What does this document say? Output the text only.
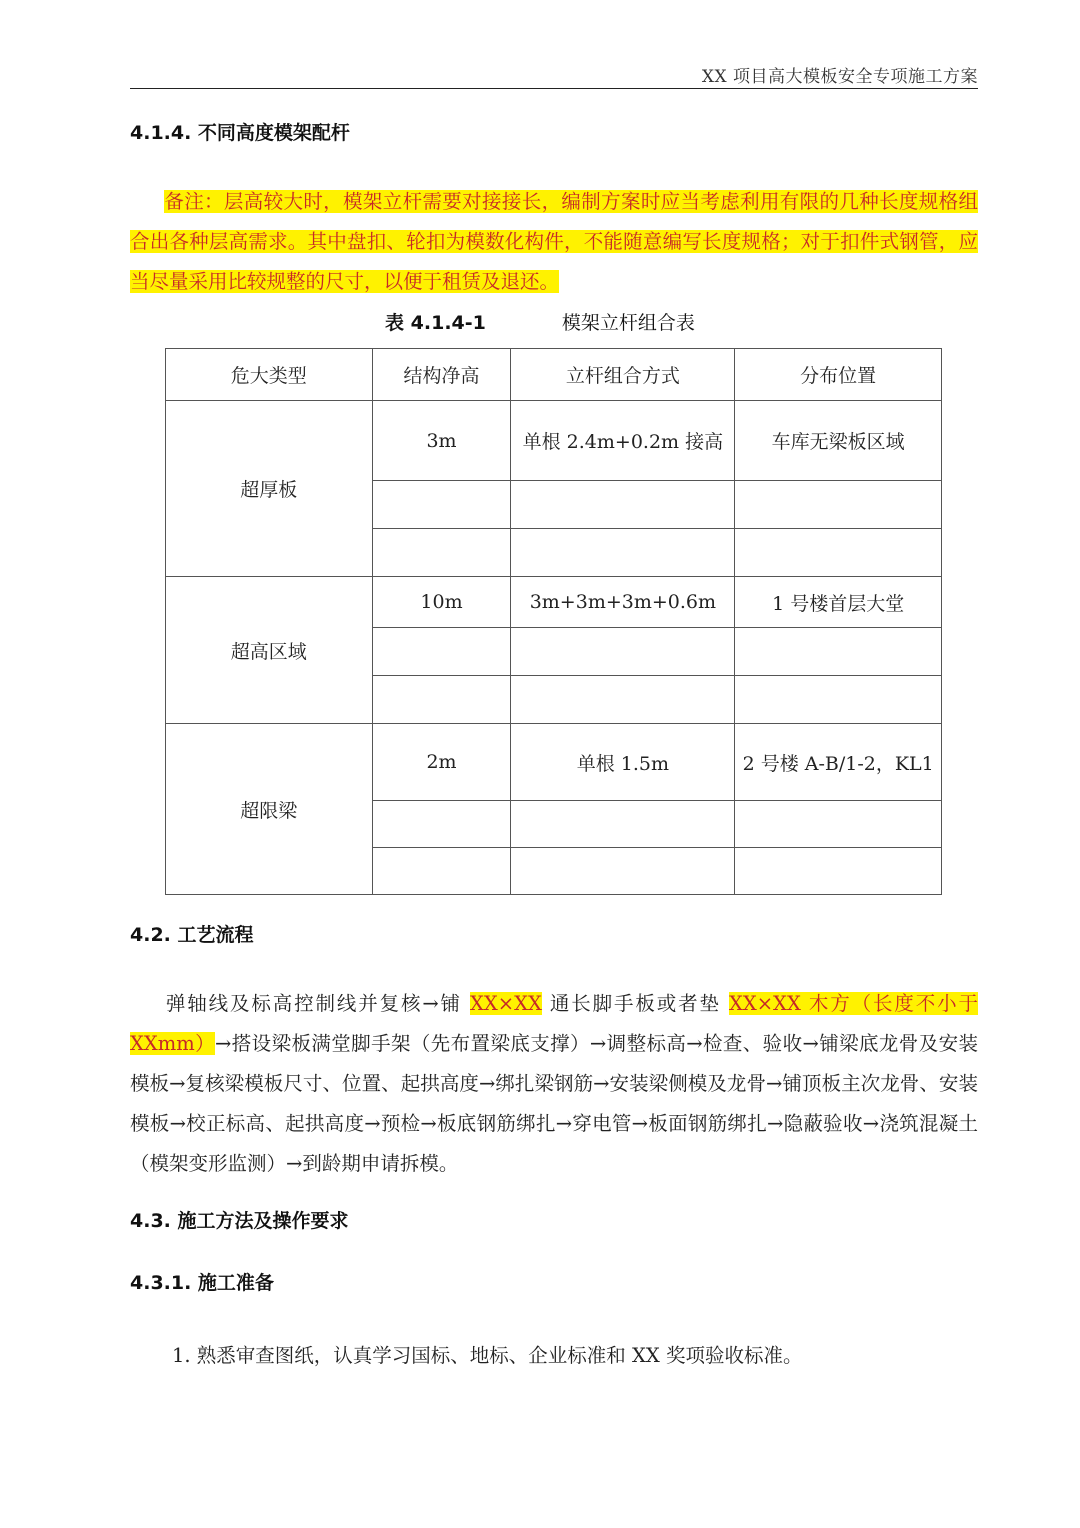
XX 项目高大模板安全专项施工方案
4.1.4. 不同高度模架配杆
备注：层高较大时，模架立杆需要对接接长，编制方案时应当考虑利用有限的几种长度规格组合出各种层高需求。其中盘扣、轮扣为模数化构件，不能随意编写长度规格；对于扣件式钢管，应当尽量采用比较规整的尺寸，以便于租赁及退还。
表 4.1.4-1	模架立杆组合表
危大类型	结构净高	立杆组合方式	分布位置
超厚板	3m	单根 2.4m+0.2m 接高	车库无梁板区域

超高区域	10m	3m+3m+3m+0.6m	1 号楼首层大堂

超限梁	2m	单根 1.5m	2 号楼 A-B/1-2，KL1

4.2. 工艺流程
弹轴线及标高控制线并复核→铺 XX×XX 通长脚手板或者垫 XX×XX 木方（长度不小于 XXmm）→搭设梁板满堂脚手架（先布置梁底支撑）→调整标高→检查、验收→铺梁底龙骨及安装模板→复核梁模板尺寸、位置、起拱高度→绑扎梁钢筋→安装梁侧模及龙骨→铺顶板主次龙骨、安装模板→校正标高、起拱高度→预检→板底钢筋绑扎→穿电管→板面钢筋绑扎→隐蔽验收→浇筑混凝土（模架变形监测）→到龄期申请拆模。
4.3. 施工方法及操作要求
4.3.1. 施工准备
1. 熟悉审查图纸，认真学习国标、地标、企业标准和 XX 奖项验收标准。
